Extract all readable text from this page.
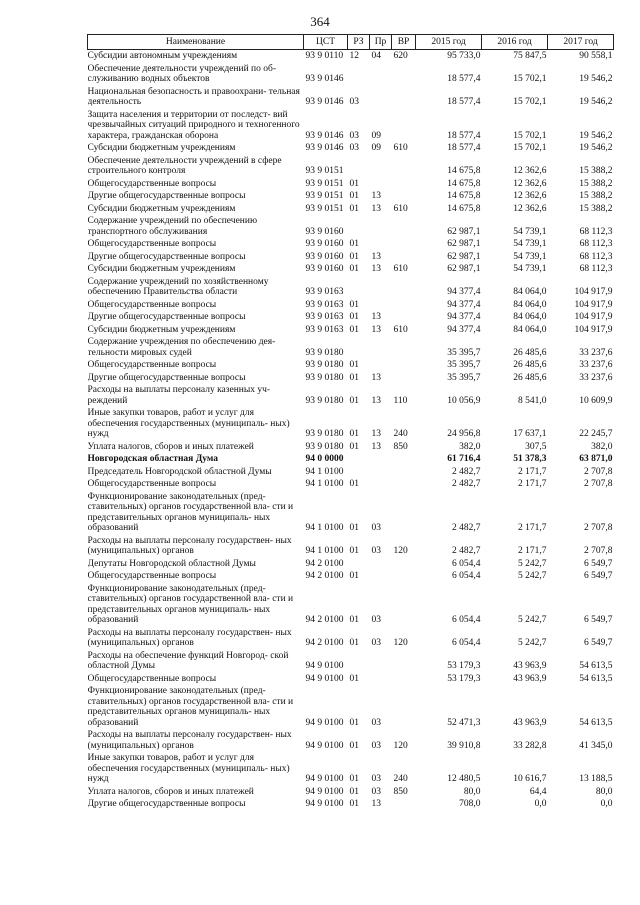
364
Наименование	ЦСТ	РЗ	Пр	ВР	2015 год	2016 год	2017 год
Субсидии автономным учреждениям	93 9 0110	12	04	620	95 733,0	75 847,5	90 558,1
Обеспечение деятельности учреждений по об- служиванию водных объектов	93 9 0146				18 577,4	15 702,1	19 546,2
Национальная безопасность и правоохрани- тельная деятельность	93 9 0146	03			18 577,4	15 702,1	19 546,2
Защита населения и территории от последст- вий чрезвычайных ситуаций природного и техногенного характера, гражданская оборона	93 9 0146	03	09		18 577,4	15 702,1	19 546,2
Субсидии бюджетным учреждениям	93 9 0146	03	09	610	18 577,4	15 702,1	19 546,2
Обеспечение деятельности учреждений в сфере строительного контроля	93 9 0151				14 675,8	12 362,6	15 388,2
Общегосударственные вопросы	93 9 0151	01			14 675,8	12 362,6	15 388,2
Другие общегосударственные вопросы	93 9 0151	01	13		14 675,8	12 362,6	15 388,2
Субсидии бюджетным учреждениям	93 9 0151	01	13	610	14 675,8	12 362,6	15 388,2
Содержание учреждений по обеспечению транспортного обслуживания	93 9 0160				62 987,1	54 739,1	68 112,3
Общегосударственные вопросы	93 9 0160	01			62 987,1	54 739,1	68 112,3
Другие общегосударственные вопросы	93 9 0160	01	13		62 987,1	54 739,1	68 112,3
Субсидии бюджетным учреждениям	93 9 0160	01	13	610	62 987,1	54 739,1	68 112,3
Содержание учреждений по хозяйственному обеспечению Правительства области	93 9 0163				94 377,4	84 064,0	104 917,9
Общегосударственные вопросы	93 9 0163	01			94 377,4	84 064,0	104 917,9
Другие общегосударственные вопросы	93 9 0163	01	13		94 377,4	84 064,0	104 917,9
Субсидии бюджетным учреждениям	93 9 0163	01	13	610	94 377,4	84 064,0	104 917,9
Содержание учреждения по обеспечению дея- тельности мировых судей	93 9 0180				35 395,7	26 485,6	33 237,6
Общегосударственные вопросы	93 9 0180	01			35 395,7	26 485,6	33 237,6
Другие общегосударственные вопросы	93 9 0180	01	13		35 395,7	26 485,6	33 237,6
Расходы на выплаты персоналу казенных уч- реждений	93 9 0180	01	13	110	10 056,9	8 541,0	10 609,9
Иные закупки товаров, работ и услуг для обеспечения государственных (муниципаль- ных) нужд	93 9 0180	01	13	240	24 956,8	17 637,1	22 245,7
Уплата налогов, сборов и иных платежей	93 9 0180	01	13	850	382,0	307,5	382,0
Новгородская областная Дума	94 0 0000				61 716,4	51 378,3	63 871,0
Председатель Новгородской областной Думы	94 1 0100				2 482,7	2 171,7	2 707,8
Общегосударственные вопросы	94 1 0100	01			2 482,7	2 171,7	2 707,8
Функционирование законодательных (пред- ставительных) органов государственной вла- сти и представительных органов муниципаль- ных образований	94 1 0100	01	03		2 482,7	2 171,7	2 707,8
Расходы на выплаты персоналу государствен- ных (муниципальных) органов	94 1 0100	01	03	120	2 482,7	2 171,7	2 707,8
Депутаты Новгородской областной Думы	94 2 0100				6 054,4	5 242,7	6 549,7
Общегосударственные вопросы	94 2 0100	01			6 054,4	5 242,7	6 549,7
Функционирование законодательных (пред- ставительных) органов государственной вла- сти и представительных органов муниципаль- ных образований	94 2 0100	01	03		6 054,4	5 242,7	6 549,7
Расходы на выплаты персоналу государствен- ных (муниципальных) органов	94 2 0100	01	03	120	6 054,4	5 242,7	6 549,7
Расходы на обеспечение функций Новгород- ской областной Думы	94 9 0100				53 179,3	43 963,9	54 613,5
Общегосударственные вопросы	94 9 0100	01			53 179,3	43 963,9	54 613,5
Функционирование законодательных (пред- ставительных) органов государственной вла- сти и представительных органов муниципаль- ных образований	94 9 0100	01	03		52 471,3	43 963,9	54 613,5
Расходы на выплаты персоналу государствен- ных (муниципальных) органов	94 9 0100	01	03	120	39 910,8	33 282,8	41 345,0
Иные закупки товаров, работ и услуг для обеспечения государственных (муниципаль- ных) нужд	94 9 0100	01	03	240	12 480,5	10 616,7	13 188,5
Уплата налогов, сборов и иных платежей	94 9 0100	01	03	850	80,0	64,4	80,0
Другие общегосударственные вопросы	94 9 0100	01	13		708,0	0,0	0,0
